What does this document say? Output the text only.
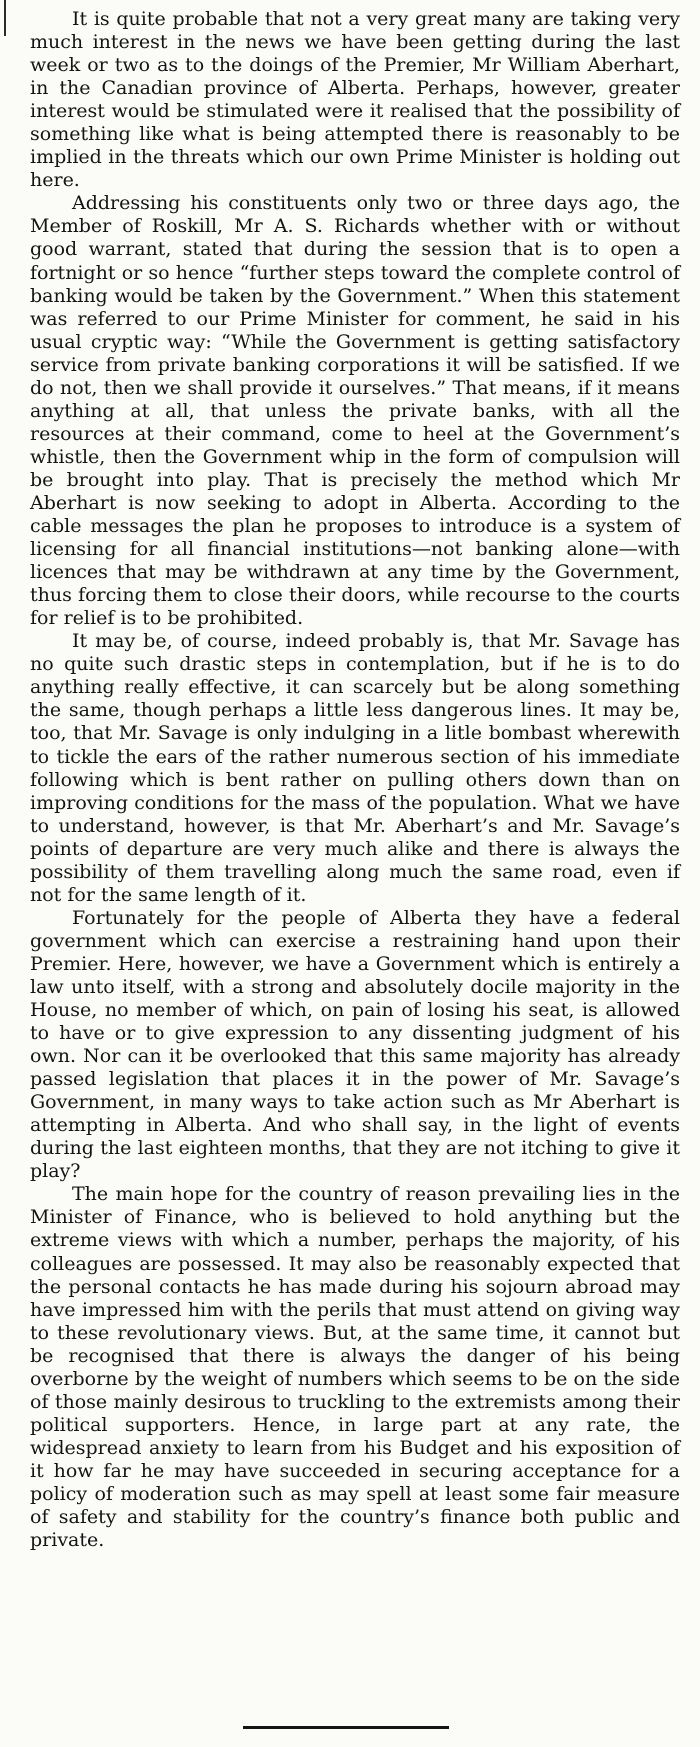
It is quite probable that not a very great many are taking very much interest in the news we have been getting during the last week or two as to the doings of the Premier, Mr William Aberhart, in the Canadian province of Alberta. Perhaps, however, greater interest would be stimulated were it realised that the possibility of something like what is being attempted there is reasonably to be implied in the threats which our own Prime Minister is holding out here.

Addressing his constituents only two or three days ago, the Member of Roskill, Mr A. S. Richards whether with or without good warrant, stated that during the session that is to open a fortnight or so hence “further steps toward the complete control of banking would be taken by the Government.” When this statement was referred to our Prime Minister for comment, he said in his usual cryptic way: “While the Government is getting satisfactory service from private banking corporations it will be satisfied. If we do not, then we shall provide it ourselves.” That means, if it means anything at all, that unless the private banks, with all the resources at their command, come to heel at the Government’s whistle, then the Government whip in the form of compulsion will be brought into play. That is precisely the method which Mr Aberhart is now seeking to adopt in Alberta. According to the cable messages the plan he proposes to introduce is a system of licensing for all financial institutions—not banking alone—with licences that may be withdrawn at any time by the Government, thus forcing them to close their doors, while recourse to the courts for relief is to be prohibited.

It may be, of course, indeed probably is, that Mr. Savage has no quite such drastic steps in contemplation, but if he is to do anything really effective, it can scarcely but be along something the same, though perhaps a little less dangerous lines. It may be, too, that Mr. Savage is only indulging in a litle bombast wherewith to tickle the ears of the rather numerous section of his immediate following which is bent rather on pulling others down than on improving conditions for the mass of the population. What we have to understand, however, is that Mr. Aberhart’s and Mr. Savage’s points of departure are very much alike and there is always the possibility of them travelling along much the same road, even if not for the same length of it.

Fortunately for the people of Alberta they have a federal government which can exercise a restraining hand upon their Premier. Here, however, we have a Government which is entirely a law unto itself, with a strong and absolutely docile majority in the House, no member of which, on pain of losing his seat, is allowed to have or to give expression to any dissenting judgment of his own. Nor can it be overlooked that this same majority has already passed legislation that places it in the power of Mr. Savage’s Government, in many ways to take action such as Mr Aberhart is attempting in Alberta. And who shall say, in the light of events during the last eighteen months, that they are not itching to give it play?

The main hope for the country of reason prevailing lies in the Minister of Finance, who is believed to hold anything but the extreme views with which a number, perhaps the majority, of his colleagues are possessed. It may also be reasonably expected that the personal contacts he has made during his sojourn abroad may have impressed him with the perils that must attend on giving way to these revolutionary views. But, at the same time, it cannot but be recognised that there is always the danger of his being overborne by the weight of numbers which seems to be on the side of those mainly desirous to truckling to the extremists among their political supporters. Hence, in large part at any rate, the widespread anxiety to learn from his Budget and his exposition of it how far he may have succeeded in securing acceptance for a policy of moderation such as may spell at least some fair measure of safety and stability for the country’s finance both public and private.
